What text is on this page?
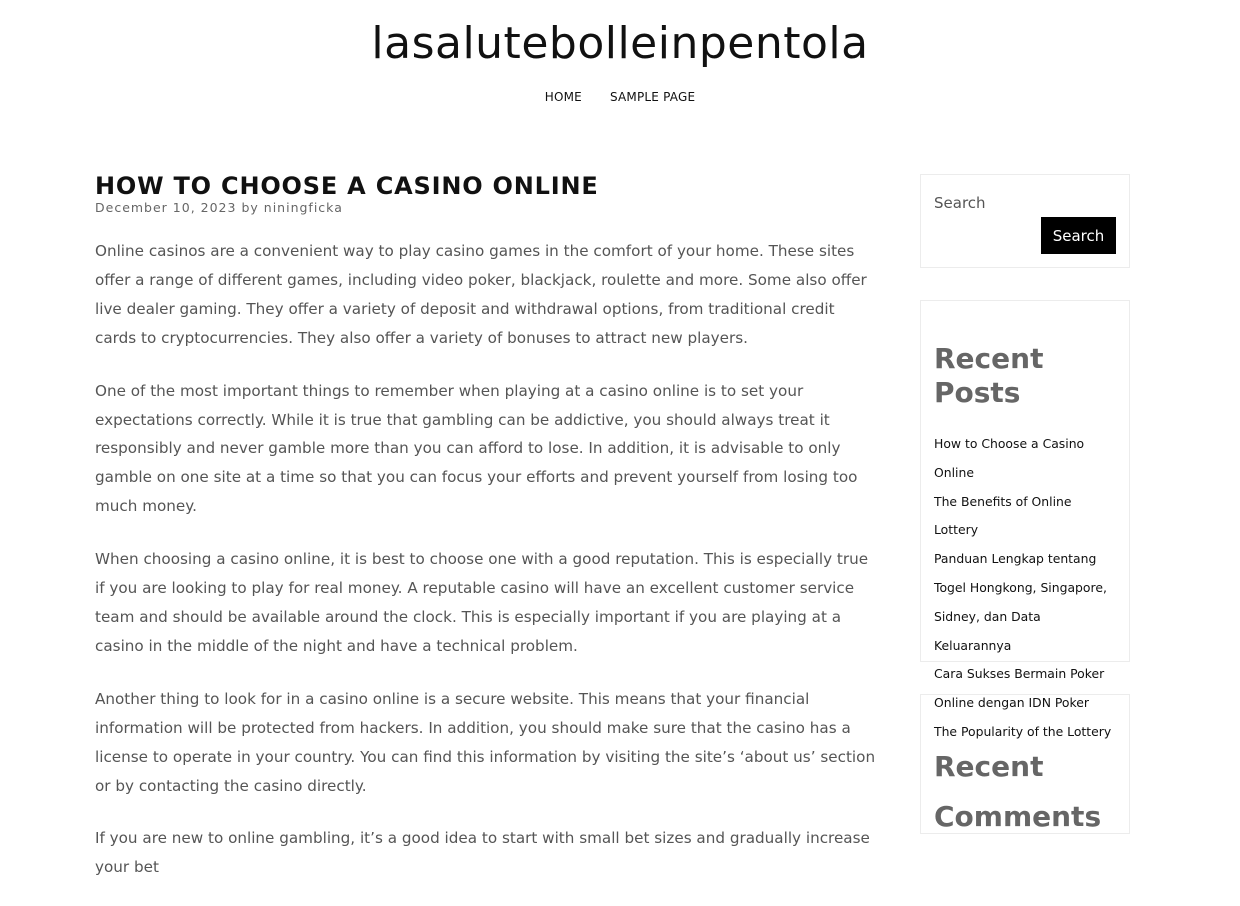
lasalutebolleinpentola
HOME SAMPLE PAGE
HOW TO CHOOSE A CASINO ONLINE
December 10, 2023 by niningficka

Online casinos are a convenient way to play casino games in the comfort of your home. These sites offer a range of different games, including video poker, blackjack, roulette and more. Some also offer live dealer gaming. They offer a variety of deposit and withdrawal options, from traditional credit cards to cryptocurrencies. They also offer a variety of bonuses to attract new players.

One of the most important things to remember when playing at a casino online is to set your expectations correctly. While it is true that gambling can be addictive, you should always treat it responsibly and never gamble more than you can afford to lose. In addition, it is advisable to only gamble on one site at a time so that you can focus your efforts and prevent yourself from losing too much money.

When choosing a casino online, it is best to choose one with a good reputation. This is especially true if you are looking to play for real money. A reputable casino will have an excellent customer service team and should be available around the clock. This is especially important if you are playing at a casino in the middle of the night and have a technical problem.

Another thing to look for in a casino online is a secure website. This means that your financial information will be protected from hackers. In addition, you should make sure that the casino has a license to operate in your country. You can find this information by visiting the site’s ‘about us’ section or by contacting the casino directly.

If you are new to online gambling, it’s a good idea to start with small bet sizes and gradually increase your bet

Search
Search
Recent Posts
How to Choose a Casino Online
The Benefits of Online Lottery
Panduan Lengkap tentang Togel Hongkong, Singapore, Sidney, dan Data Keluarannya
Cara Sukses Bermain Poker Online dengan IDN Poker
The Popularity of the Lottery
Recent Comments
